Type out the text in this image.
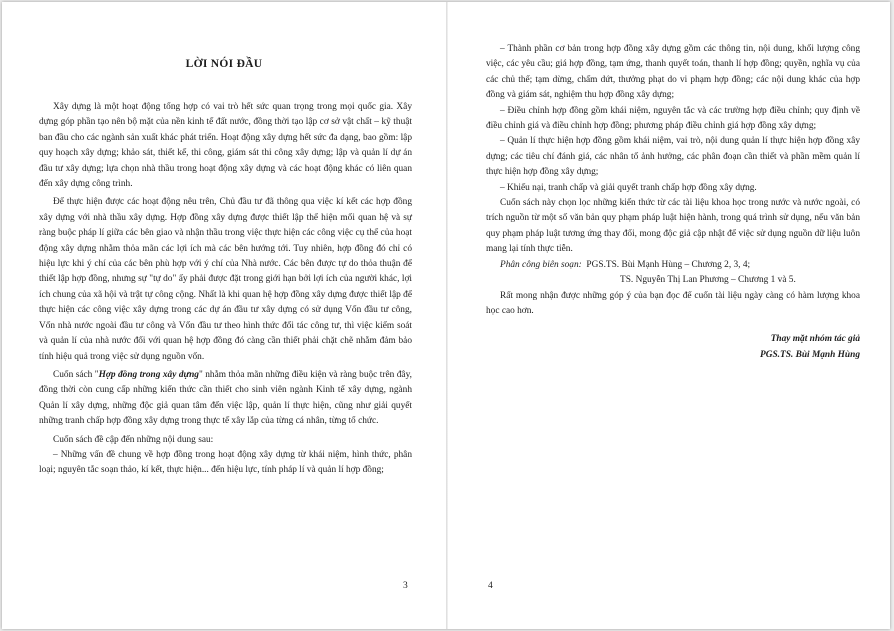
LỜI NÓI ĐẦU

Xây dựng là một hoạt động tổng hợp có vai trò hết sức quan trọng trong mọi quốc gia. Xây dựng góp phần tạo nên bộ mặt của nền kinh tế đất nước, đồng thời tạo lập cơ sở vật chất – kỹ thuật ban đầu cho các ngành sản xuất khác phát triển. Hoạt động xây dựng hết sức đa dạng, bao gồm: lập quy hoạch xây dựng; khảo sát, thiết kế, thi công, giám sát thi công xây dựng; lập và quản lí dự án đầu tư xây dựng; lựa chọn nhà thầu trong hoạt động xây dựng và các hoạt động khác có liên quan đến xây dựng công trình.

Để thực hiện được các hoạt động nêu trên, Chủ đầu tư đã thông qua việc kí kết các hợp đồng xây dựng với nhà thầu xây dựng. Hợp đồng xây dựng được thiết lập thể hiện mối quan hệ và sự ràng buộc pháp lí giữa các bên giao và nhận thầu trong việc thực hiện các công việc cụ thể của hoạt động xây dựng nhằm thỏa mãn các lợi ích mà các bên hướng tới. Tuy nhiên, hợp đồng đó chỉ có hiệu lực khi ý chí của các bên phù hợp với ý chí của Nhà nước. Các bên được tự do thỏa thuận để thiết lập hợp đồng, nhưng sự "tự do" ấy phải được đặt trong giới hạn bởi lợi ích của người khác, lợi ích chung của xã hội và trật tự công cộng. Nhất là khi quan hệ hợp đồng xây dựng được thiết lập để thực hiện các công việc xây dựng trong các dự án đầu tư xây dựng có sử dụng Vốn đầu tư công, Vốn nhà nước ngoài đầu tư công và Vốn đầu tư theo hình thức đối tác công tư, thì việc kiểm soát và quản lí của nhà nước đối với quan hệ hợp đồng đó càng cần thiết phải chặt chẽ nhằm đảm bảo tính hiệu quả trong việc sử dụng nguồn vốn.

Cuốn sách "Hợp đồng trong xây dựng" nhằm thỏa mãn những điều kiện và ràng buộc trên đây, đồng thời còn cung cấp những kiến thức cần thiết cho sinh viên ngành Kinh tế xây dựng, ngành Quản lí xây dựng, những độc giả quan tâm đến việc lập, quản lí thực hiện, cũng như giải quyết những tranh chấp hợp đồng xây dựng trong thực tế xây lắp của từng cá nhân, từng tổ chức.

Cuốn sách đề cập đến những nội dung sau:

– Những vấn đề chung về hợp đồng trong hoạt động xây dựng từ khái niệm, hình thức, phân loại; nguyên tắc soạn thảo, kí kết, thực hiện... đến hiệu lực, tính pháp lí và quản lí hợp đồng;

3

– Thành phần cơ bản trong hợp đồng xây dựng gồm các thông tin, nội dung, khối lượng công việc, các yêu cầu; giá hợp đồng, tạm ứng, thanh quyết toán, thanh lí hợp đồng; quyền, nghĩa vụ của các chủ thể; tạm dừng, chấm dứt, thưởng phạt do vi phạm hợp đồng; các nội dung khác của hợp đồng và giám sát, nghiệm thu hợp đồng xây dựng;

– Điều chỉnh hợp đồng gồm khái niệm, nguyên tắc và các trường hợp điều chỉnh; quy định về điều chỉnh giá và điều chỉnh hợp đồng; phương pháp điều chỉnh giá hợp đồng xây dựng;

– Quản lí thực hiện hợp đồng gồm khái niệm, vai trò, nội dung quản lí thực hiện hợp đồng xây dựng; các tiêu chí đánh giá, các nhân tố ảnh hưởng, các phân đoạn cần thiết và phần mềm quản lí thực hiện hợp đồng xây dựng;

– Khiếu nại, tranh chấp và giải quyết tranh chấp hợp đồng xây dựng.

Cuốn sách này chọn lọc những kiến thức từ các tài liệu khoa học trong nước và nước ngoài, có trích nguồn từ một số văn bản quy phạm pháp luật hiện hành, trong quá trình sử dụng, nếu văn bản quy phạm pháp luật tương ứng thay đổi, mong độc giả cập nhật để việc sử dụng nguồn dữ liệu luôn mang lại tính thực tiễn.

Phân công biên soạn: PGS.TS. Bùi Mạnh Hùng – Chương 2, 3, 4;

TS. Nguyễn Thị Lan Phương – Chương 1 và 5.

Rất mong nhận được những góp ý của bạn đọc để cuốn tài liệu ngày càng có hàm lượng khoa học cao hơn.

Thay mặt nhóm tác giả

PGS.TS. Bùi Mạnh Hùng

4
